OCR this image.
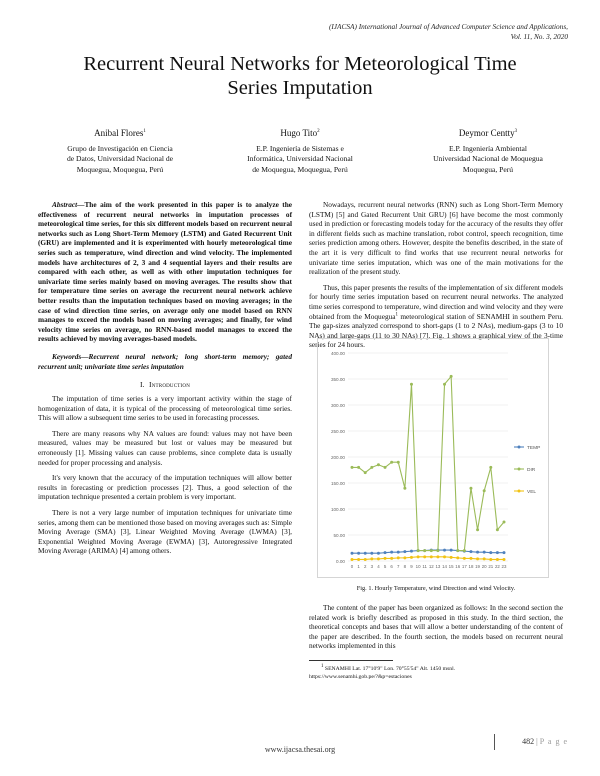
(IJACSA) International Journal of Advanced Computer Science and Applications,
Vol. 11, No. 3, 2020
Recurrent Neural Networks for Meteorological Time
Series Imputation
Anibal Flores$^1$
Grupo de Investigación en Ciencia
de Datos, Universidad Nacional de
Moquegua, Moquegua, Perú
Hugo Tito$^2$
E.P. Ingeniería de Sistemas e
Informática, Universidad Nacional
de Moquegua, Moquegua, Perú
Deymor Centty$^3$
E.P. Ingeniería Ambiental
Universidad Nacional de Moquegua
Moquegua, Perú
Abstract—The aim of the work presented in this paper is to analyze the effectiveness of recurrent neural networks in imputation processes of meteorological time series, for this six different models based on recurrent neural networks such as Long Short-Term Memory (LSTM) and Gated Recurrent Unit (GRU) are implemented and it is experimented with hourly meteorological time series such as temperature, wind direction and wind velocity. The implemented models have architectures of 2, 3 and 4 sequential layers and their results are compared with each other, as well as with other imputation techniques for univariate time series mainly based on moving averages. The results show that for temperature time series on average the recurrent neural network achieve better results than the imputation techniques based on moving averages; in the case of wind direction time series, on average only one model based on RNN manages to exceed the models based on moving averages; and finally, for wind velocity time series on average, no RNN-based model manages to exceed the results achieved by moving averages-based models.
Keywords—Recurrent neural network; long short-term memory; gated recurrent unit; univariate time series imputation
I. Introduction
The imputation of time series is a very important activity within the stage of homogenization of data, it is typical of the processing of meteorological time series. This will allow a subsequent time series to be used in forecasting processes.
There are many reasons why NA values are found: values may not have been measured, values may be measured but lost or values may be measured but erroneously [1]. Missing values can cause problems, since complete data is usually needed for proper processing and analysis.
It's very known that the accuracy of the imputation techniques will allow better results in forecasting or prediction processes [2]. Thus, a good selection of the imputation technique presented a certain problem is very important.
There is not a very large number of imputation techniques for univariate time series, among them can be mentioned those based on moving averages such as: Simple Moving Average (SMA) [3], Linear Weighted Moving Average (LWMA) [3], Exponential Weighted Moving Average (EWMA) [3], Autoregressive Integrated Moving Average (ARIMA) [4] among others.
Nowadays, recurrent neural networks (RNN) such as Long Short-Term Memory (LSTM) [5] and Gated Recurrent Unit GRU) [6] have become the most commonly used in prediction or forecasting models today for the accuracy of the results they offer in different fields such as machine translation, robot control, speech recognition, time series prediction among others. However, despite the benefits described, in the state of the art it is very difficult to find works that use recurrent neural networks for univariate time series imputation, which was one of the main motivations for the realization of the present study.
Thus, this paper presents the results of the implementation of six different models for hourly time series imputation based on recurrent neural networks. The analyzed time series correspond to temperature, wind direction and wind velocity and they were obtained from the Moquegua$^1$ meteorological station of SENAMHI in southern Peru. The gap-sizes analyzed correspond to short-gaps (1 to 2 NAs), medium-gaps (3 to 10 NAs) and large-gaps (11 to 30 NAs) [7]. Fig. 1 shows a graphical view of the 3-time series for 24 hours.
0.00
50.00
100.00
150.00
200.00
250.00
300.00
350.00
400.00
0 1 2 3 4 5 6 7 8 9 10 11 12 13 14 15 16 17 18 19 20 21 22 23
TEMP
DIR
VEL
Fig. 1. Hourly Temperature, wind Direction and wind Velocity.
The content of the paper has been organized as follows: In the second section the related work is briefly described as proposed in this study. In the third section, the theoretical concepts and bases that will allow a better understanding of the content of the paper are described. In the fourth section, the models based on recurrent neural networks implemented in this
1 SENAMHI Lat. 17°10'9" Lon. 70°55'54" Alt. 1450 msnl.
https://www.senamhi.gob.pe/?&p=estaciones
482 | P a g e
www.ijacsa.thesai.org
